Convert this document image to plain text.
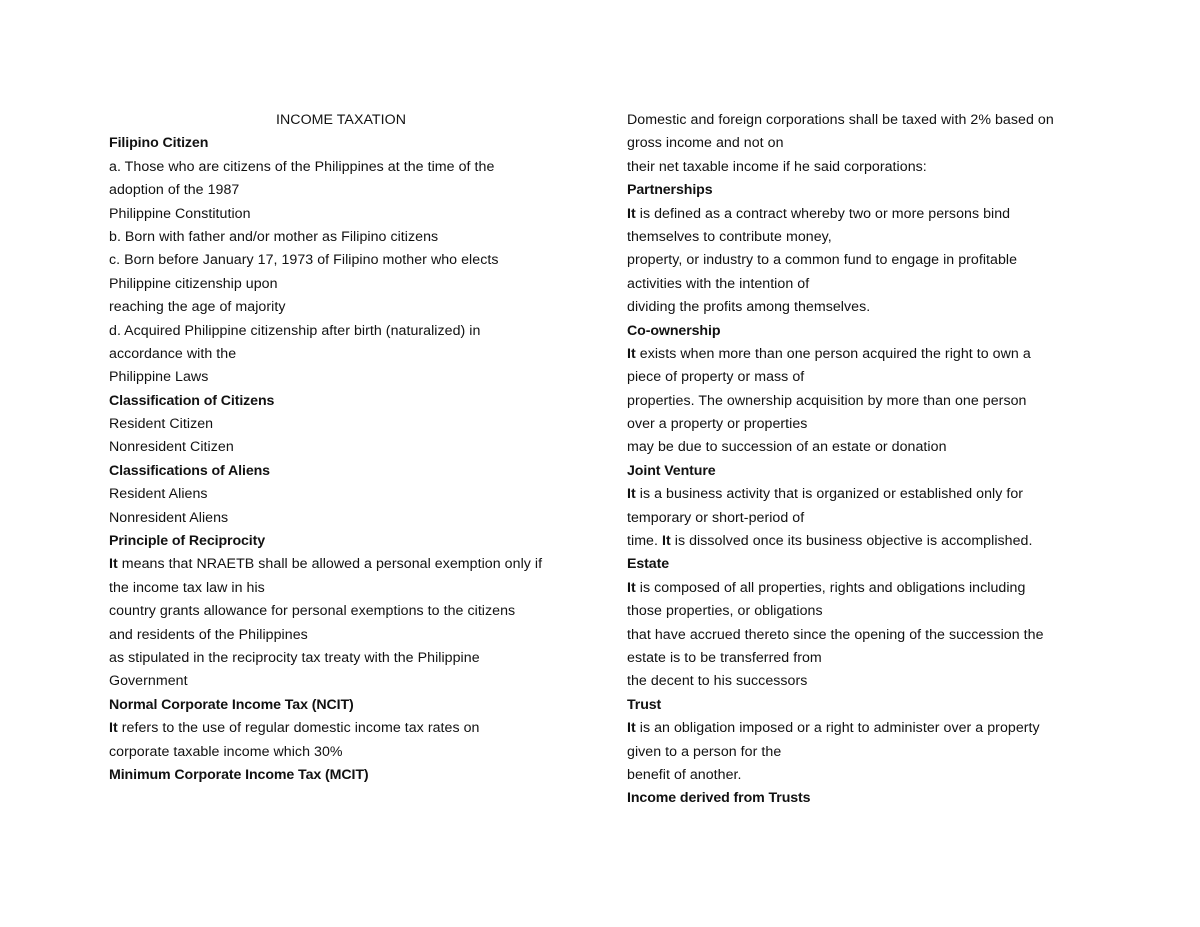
INCOME TAXATION
Filipino Citizen
a. Those who are citizens of the Philippines at the time of the
adoption of the 1987
Philippine Constitution
b. Born with father and/or mother as Filipino citizens
c. Born before January 17, 1973 of Filipino mother who elects
Philippine citizenship upon
reaching the age of majority
d. Acquired Philippine citizenship after birth (naturalized) in
accordance with the
Philippine Laws
Classification of Citizens
Resident Citizen
Nonresident Citizen
Classifications of Aliens
Resident Aliens
Nonresident Aliens
Principle of Reciprocity
It means that NRAETB shall be allowed a personal exemption only if
the income tax law in his
country grants allowance for personal exemptions to the citizens
and residents of the Philippines
as stipulated in the reciprocity tax treaty with the Philippine
Government
Normal Corporate Income Tax (NCIT)
It refers to the use of regular domestic income tax rates on
corporate taxable income which 30%
Minimum Corporate Income Tax (MCIT)
Domestic and foreign corporations shall be taxed with 2% based on
gross income and not on
their net taxable income if he said corporations:
Partnerships
It is defined as a contract whereby two or more persons bind
themselves to contribute money,
property, or industry to a common fund to engage in profitable
activities with the intention of
dividing the profits among themselves.
Co-ownership
It exists when more than one person acquired the right to own a
piece of property or mass of
properties. The ownership acquisition by more than one person
over a property or properties
may be due to succession of an estate or donation
Joint Venture
It is a business activity that is organized or established only for
temporary or short-period of
time. It is dissolved once its business objective is accomplished.
Estate
It is composed of all properties, rights and obligations including
those properties, or obligations
that have accrued thereto since the opening of the succession the
estate is to be transferred from
the decent to his successors
Trust
It is an obligation imposed or a right to administer over a property
given to a person for the
benefit of another.
Income derived from Trusts
